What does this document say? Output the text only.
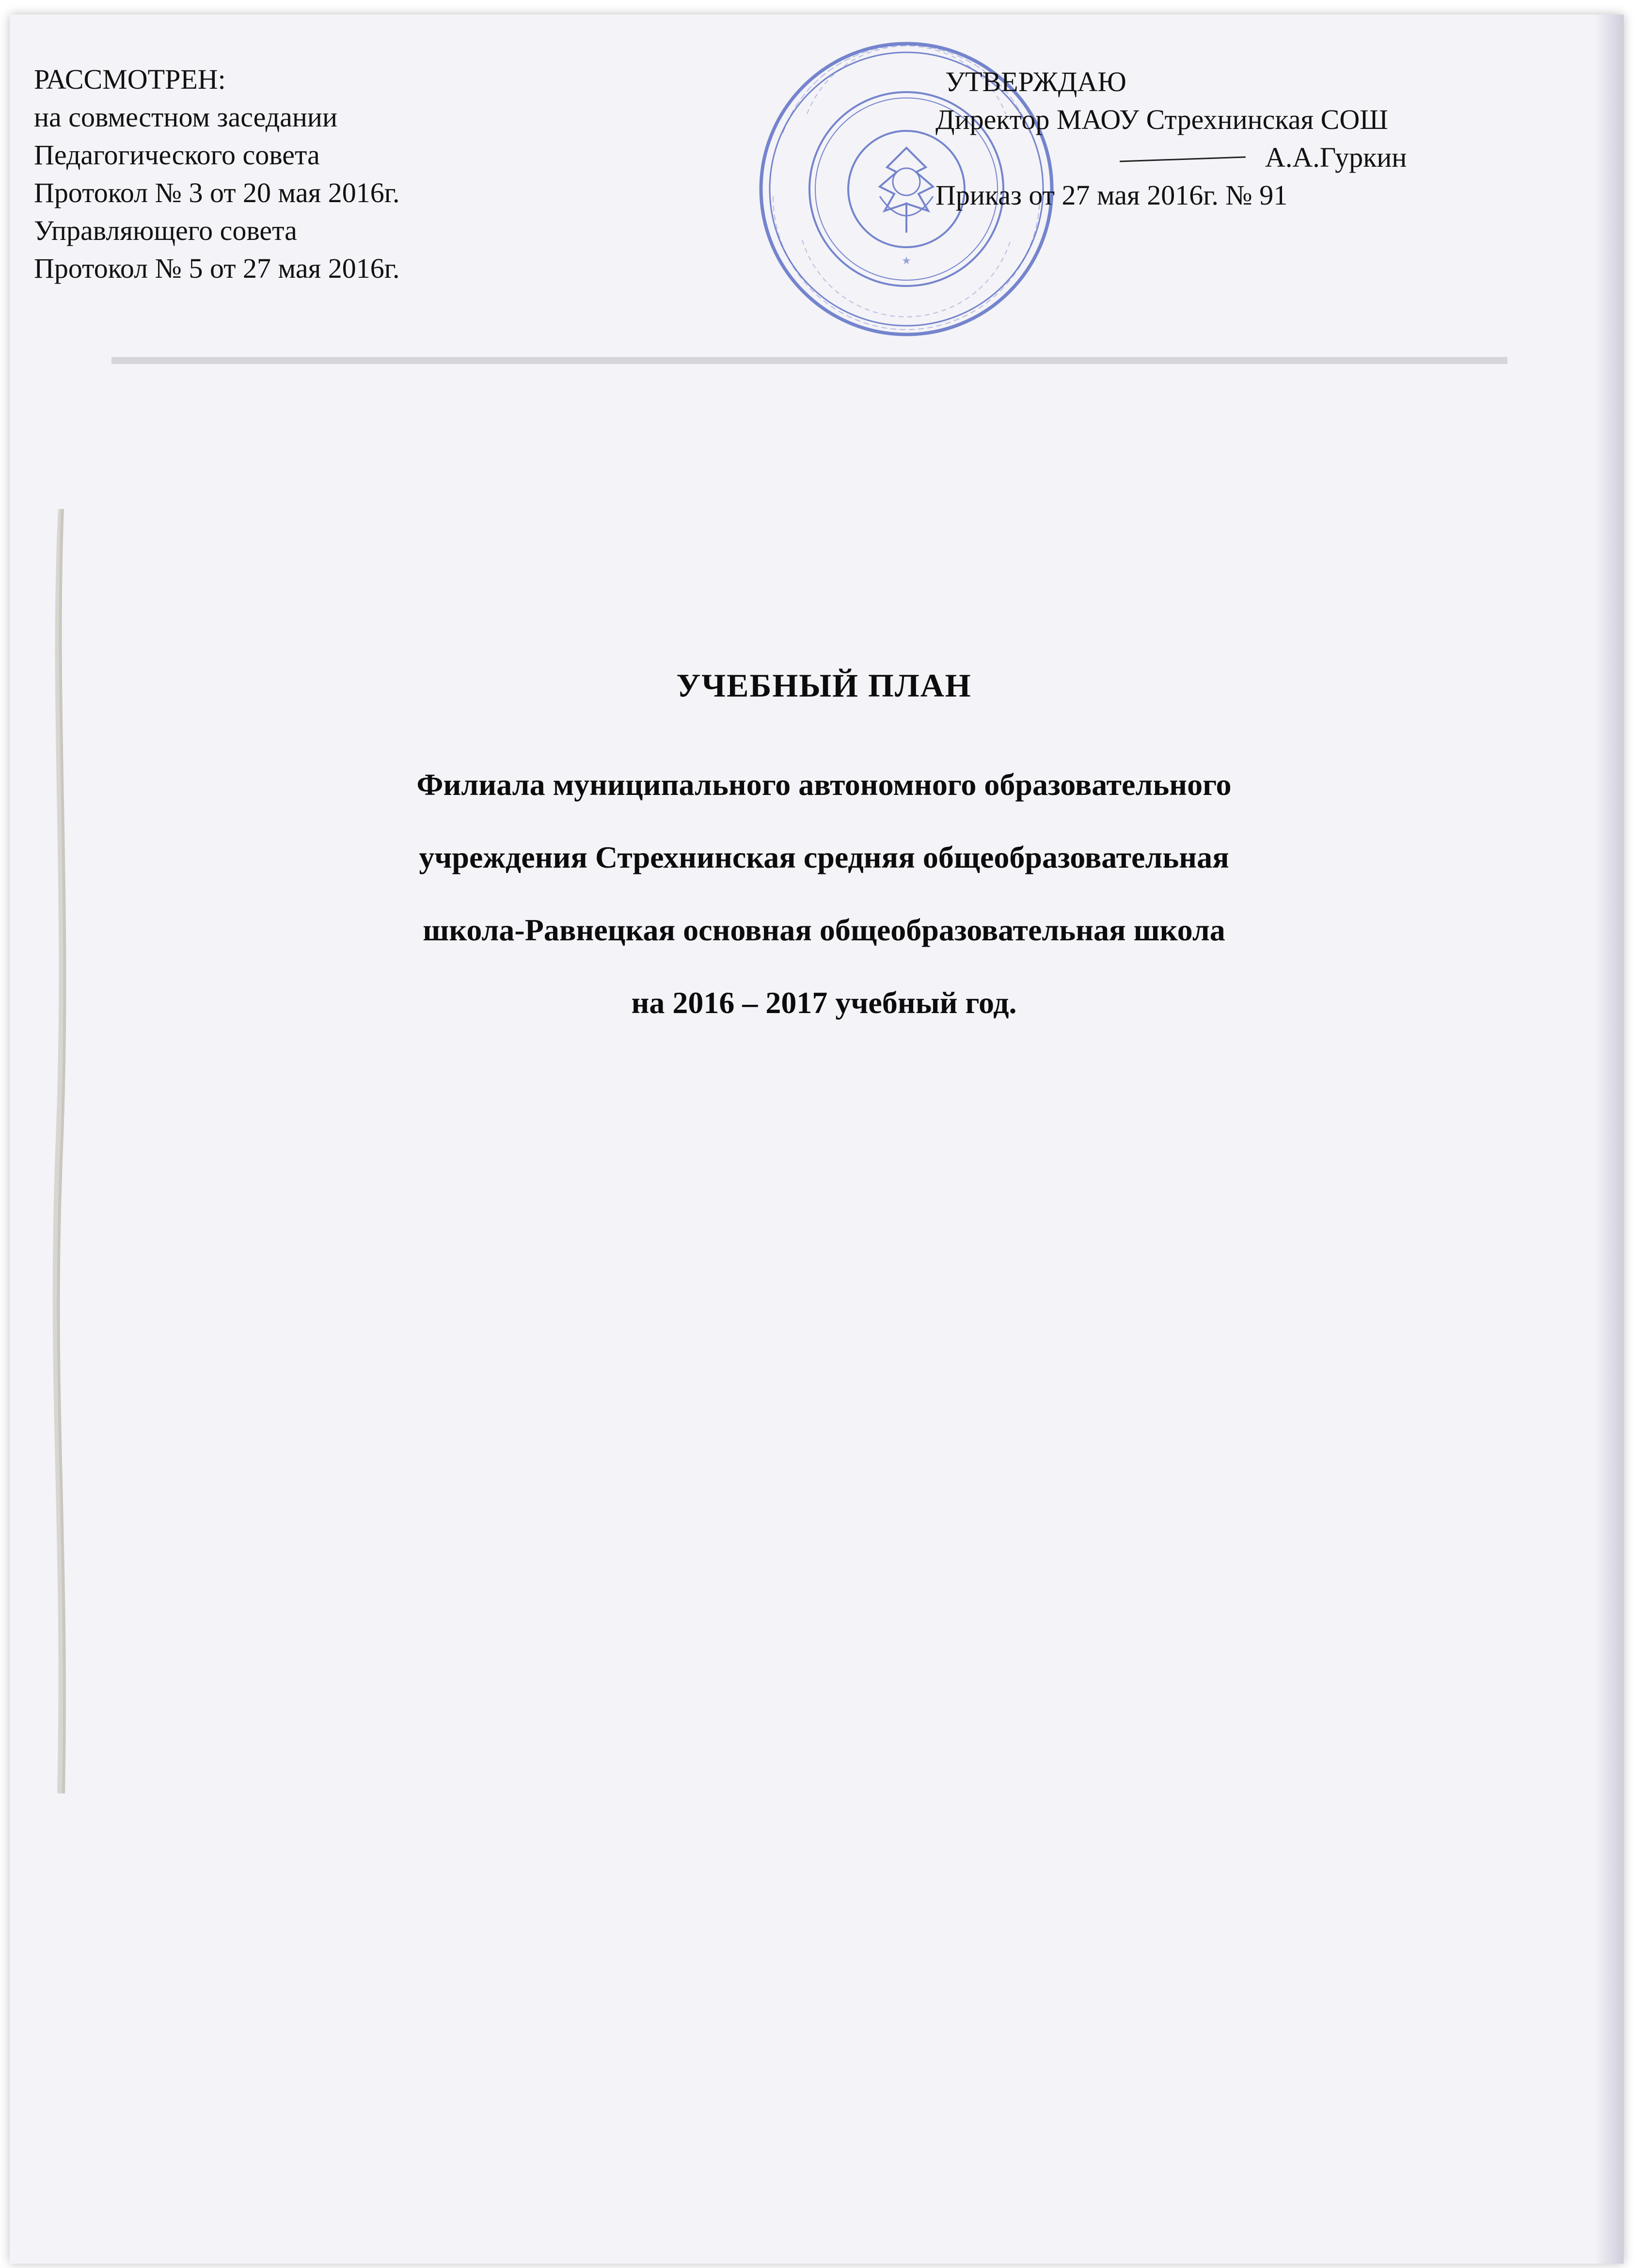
▬▬▬▬▬▬▬▬▬▬▬▬▬▬▬▬▬▬▬▬▬▬▬▬▬▬▬▬▬▬▬▬▬▬▬▬▬▬▬▬▬▬▬▬▬▬▬▬▬▬▬▬▬▬▬▬▬▬▬▬

РАССМОТРЕН:
на совместном заседании
Педагогического совета
Протокол № 3 от 20 мая 2016г.
Управляющего совета
Протокол № 5 от 27 мая 2016г.	★
УТВЕРЖДАЮ
Директор МАОУ Стрехнинская СОШ
А.А.Гуркин
Приказ от 27 мая 2016г. № 91
УЧЕБНЫЙ ПЛАН
Филиала муниципального автономного образовательного
учреждения Стрехнинская средняя общеобразовательная
школа-Равнецкая основная общеобразовательная школа
на 2016 – 2017 учебный год.
